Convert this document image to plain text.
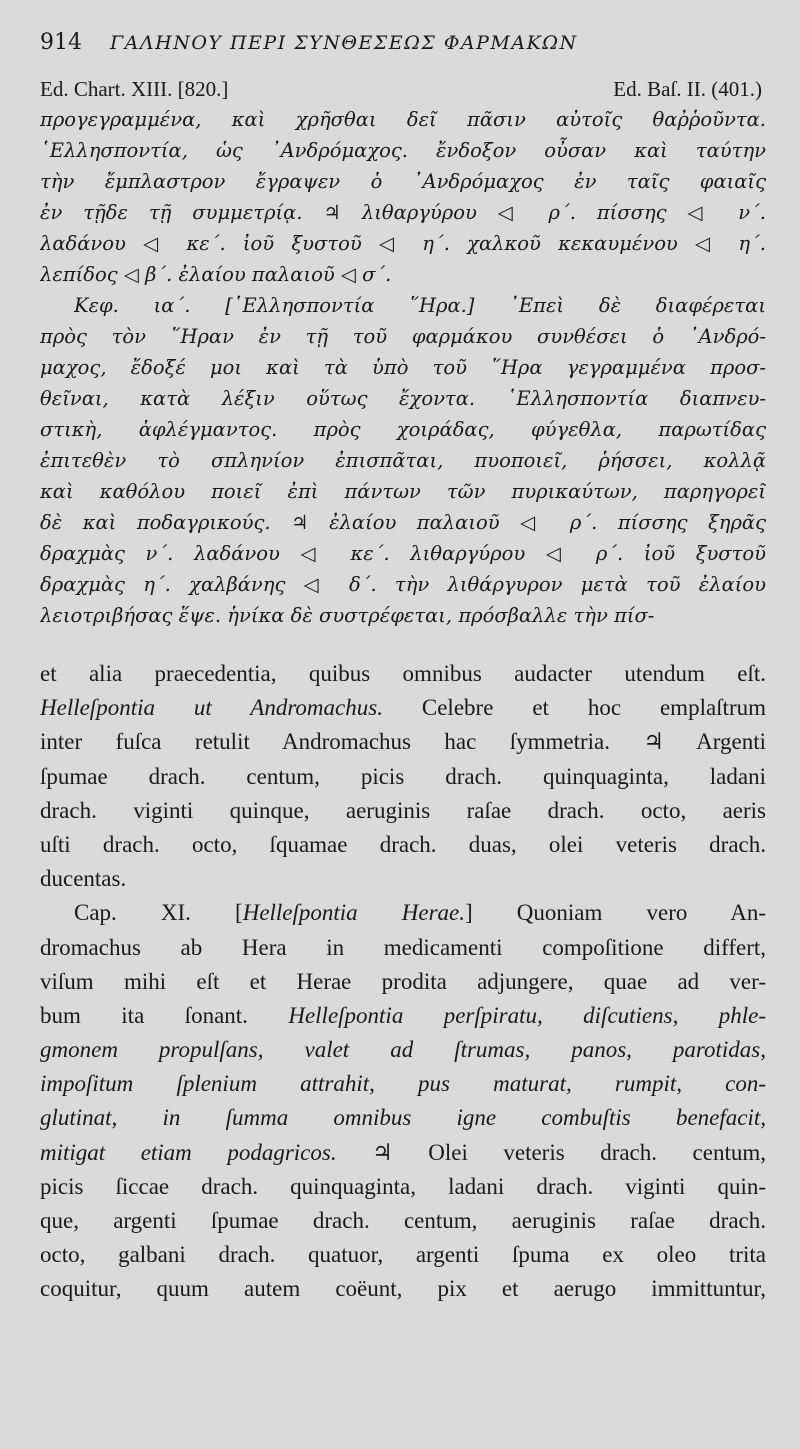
914 ΓΑΛΗΝΟΥ ΠΕΡΙ ΣΥΝΘΕΣΕΩΣ ΦΑΡΜΑΚΩΝ
Ed. Chart. XIII. [820.]	Ed. Baſ. II. (401.)
προγεγραμμένα, καὶ χρῆσθαι δεῖ πᾶσιν αὐτοῖς θαῤῥοῦντα.
῾Ελλησποντία, ὡς ᾿Ανδρόμαχος. ἔνδοξον οὖσαν καὶ ταύτην
τὴν ἔμπλαστρον ἔγραψεν ὁ ᾿Ανδρόμαχος ἐν ταῖς φαιαῖς
ἐν τῇδε τῇ συμμετρίᾳ. ♃ λιθαργύρου ◁ ρ΄. πίσσης ◁ ν΄.
λαδάνου ◁ κε΄. ἰοῦ ξυστοῦ ◁ η΄. χαλκοῦ κεκαυμένου ◁ η΄.
λεπίδος ◁ β΄. ἐλαίου παλαιοῦ ◁ σ΄.
Κεφ. ια΄. [῾Ελλησποντία ῞Ηρα.] ᾿Επεὶ δὲ διαφέρεται
πρὸς τὸν ῞Ηραν ἐν τῇ τοῦ φαρμάκου συνθέσει ὁ ᾿Ανδρό-
μαχος, ἔδοξέ μοι καὶ τὰ ὑπὸ τοῦ ῞Ηρα γεγραμμένα προσ-
θεῖναι, κατὰ λέξιν οὕτως ἔχοντα. ῾Ελλησποντία διαπνευ-
στικὴ, ἀφλέγμαντος. πρὸς χοιράδας, φύγεθλα, παρωτίδας
ἐπιτεθὲν τὸ σπληνίον ἐπισπᾶται, πυοποιεῖ, ῥήσσει, κολλᾷ
καὶ καθόλου ποιεῖ ἐπὶ πάντων τῶν πυρικαύτων, παρηγορεῖ
δὲ καὶ ποδαγρικούς. ♃ ἐλαίου παλαιοῦ ◁ ρ΄. πίσσης ξηρᾶς
δραχμὰς ν΄. λαδάνου ◁ κε΄. λιθαργύρου ◁ ρ΄. ἰοῦ ξυστοῦ
δραχμὰς η΄. χαλβάνης ◁ δ΄. τὴν λιθάργυρον μετὰ τοῦ ἐλαίου
λειοτριβήσας ἕψε. ἡνίκα δὲ συστρέφεται, πρόσβαλλε τὴν πίσ-
et alia praecedentia, quibus omnibus audacter utendum eſt.
Helleſpontia ut Andromachus. Celebre et hoc emplaſtrum
inter fuſca retulit Andromachus hac ſymmetria. ♃ Argenti
ſpumae drach. centum, picis drach. quinquaginta, ladani
drach. viginti quinque, aeruginis raſae drach. octo, aeris
uſti drach. octo, ſquamae drach. duas, olei veteris drach.
ducentas.
Cap. XI. [Helleſpontia Herae.] Quoniam vero An-
dromachus ab Hera in medicamenti compoſitione differt,
viſum mihi eſt et Herae prodita adjungere, quae ad ver-
bum ita ſonant. Helleſpontia perſpiratu, diſcutiens, phle-
gmonem propulſans, valet ad ſtrumas, panos, parotidas,
impoſitum ſplenium attrahit, pus maturat, rumpit, con-
glutinat, in ſumma omnibus igne combuſtis benefacit,
mitigat etiam podagricos. ♃ Olei veteris drach. centum,
picis ſiccae drach. quinquaginta, ladani drach. viginti quin-
que, argenti ſpumae drach. centum, aeruginis raſae drach.
octo, galbani drach. quatuor, argenti ſpuma ex oleo trita
coquitur, quum autem coëunt, pix et aerugo immittuntur,
